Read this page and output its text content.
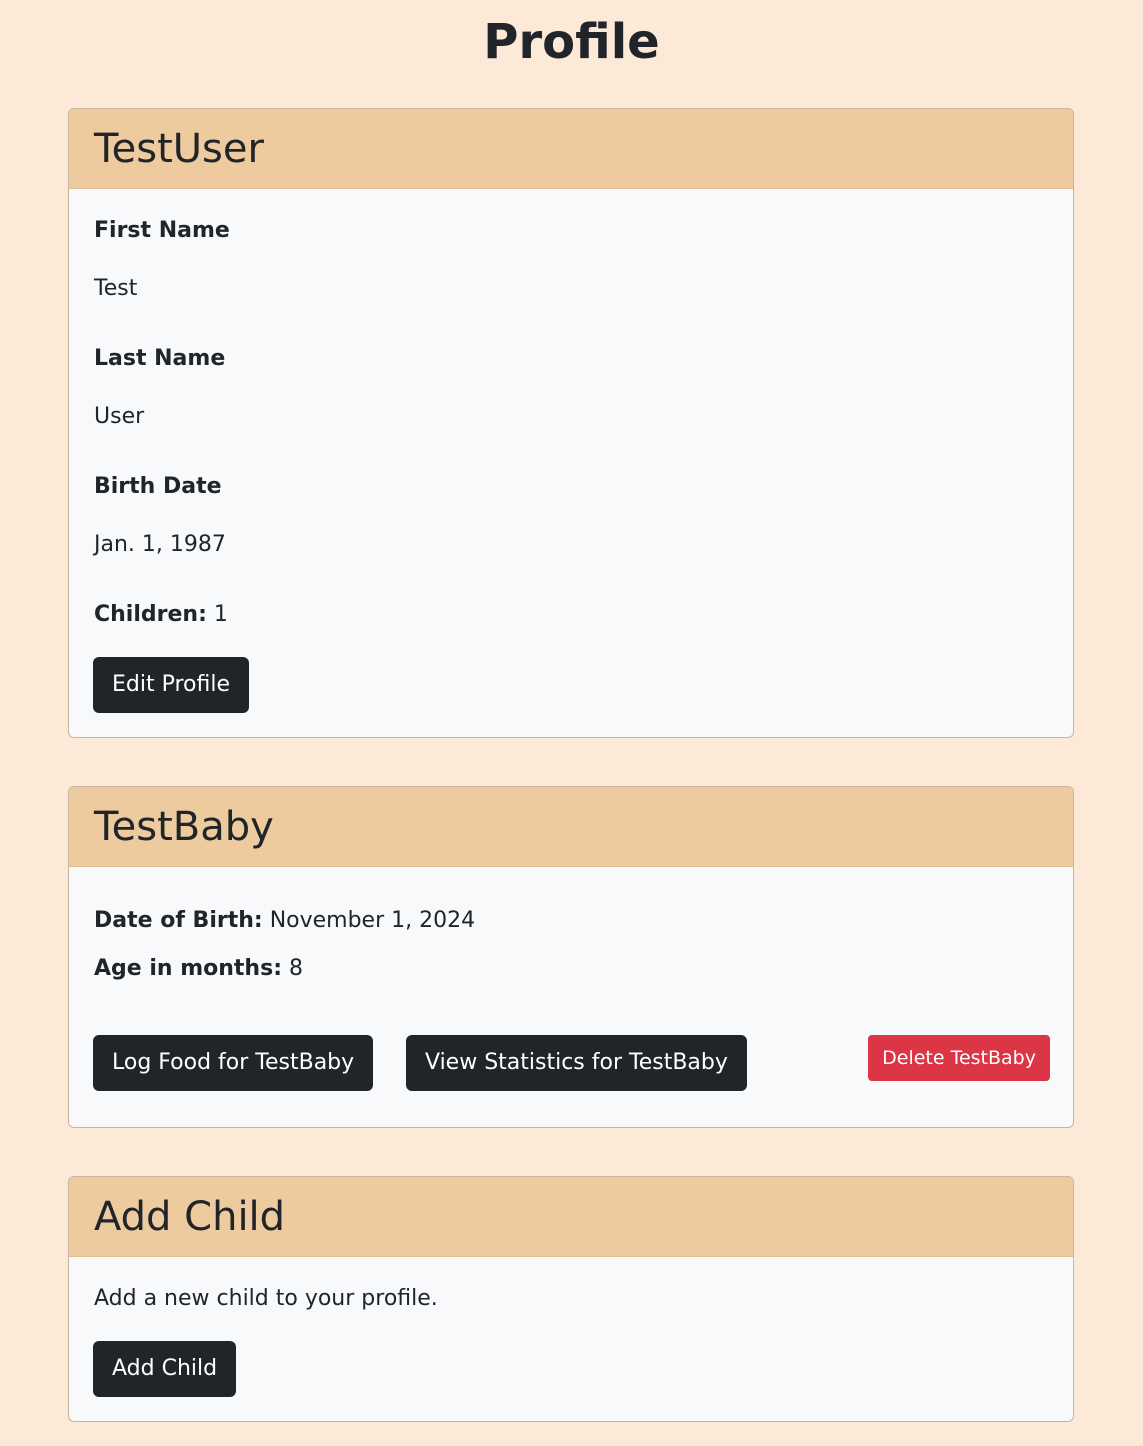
Profile
TestUser

First Name

Test

Last Name

User

Birth Date

Jan. 1, 1987

Children: 1

Edit Profile
TestBaby

Date of Birth: November 1, 2024

Age in months: 8

Log Food for TestBaby	View Statistics for TestBaby	Delete TestBaby
Add Child

Add a new child to your profile.

Add Child
